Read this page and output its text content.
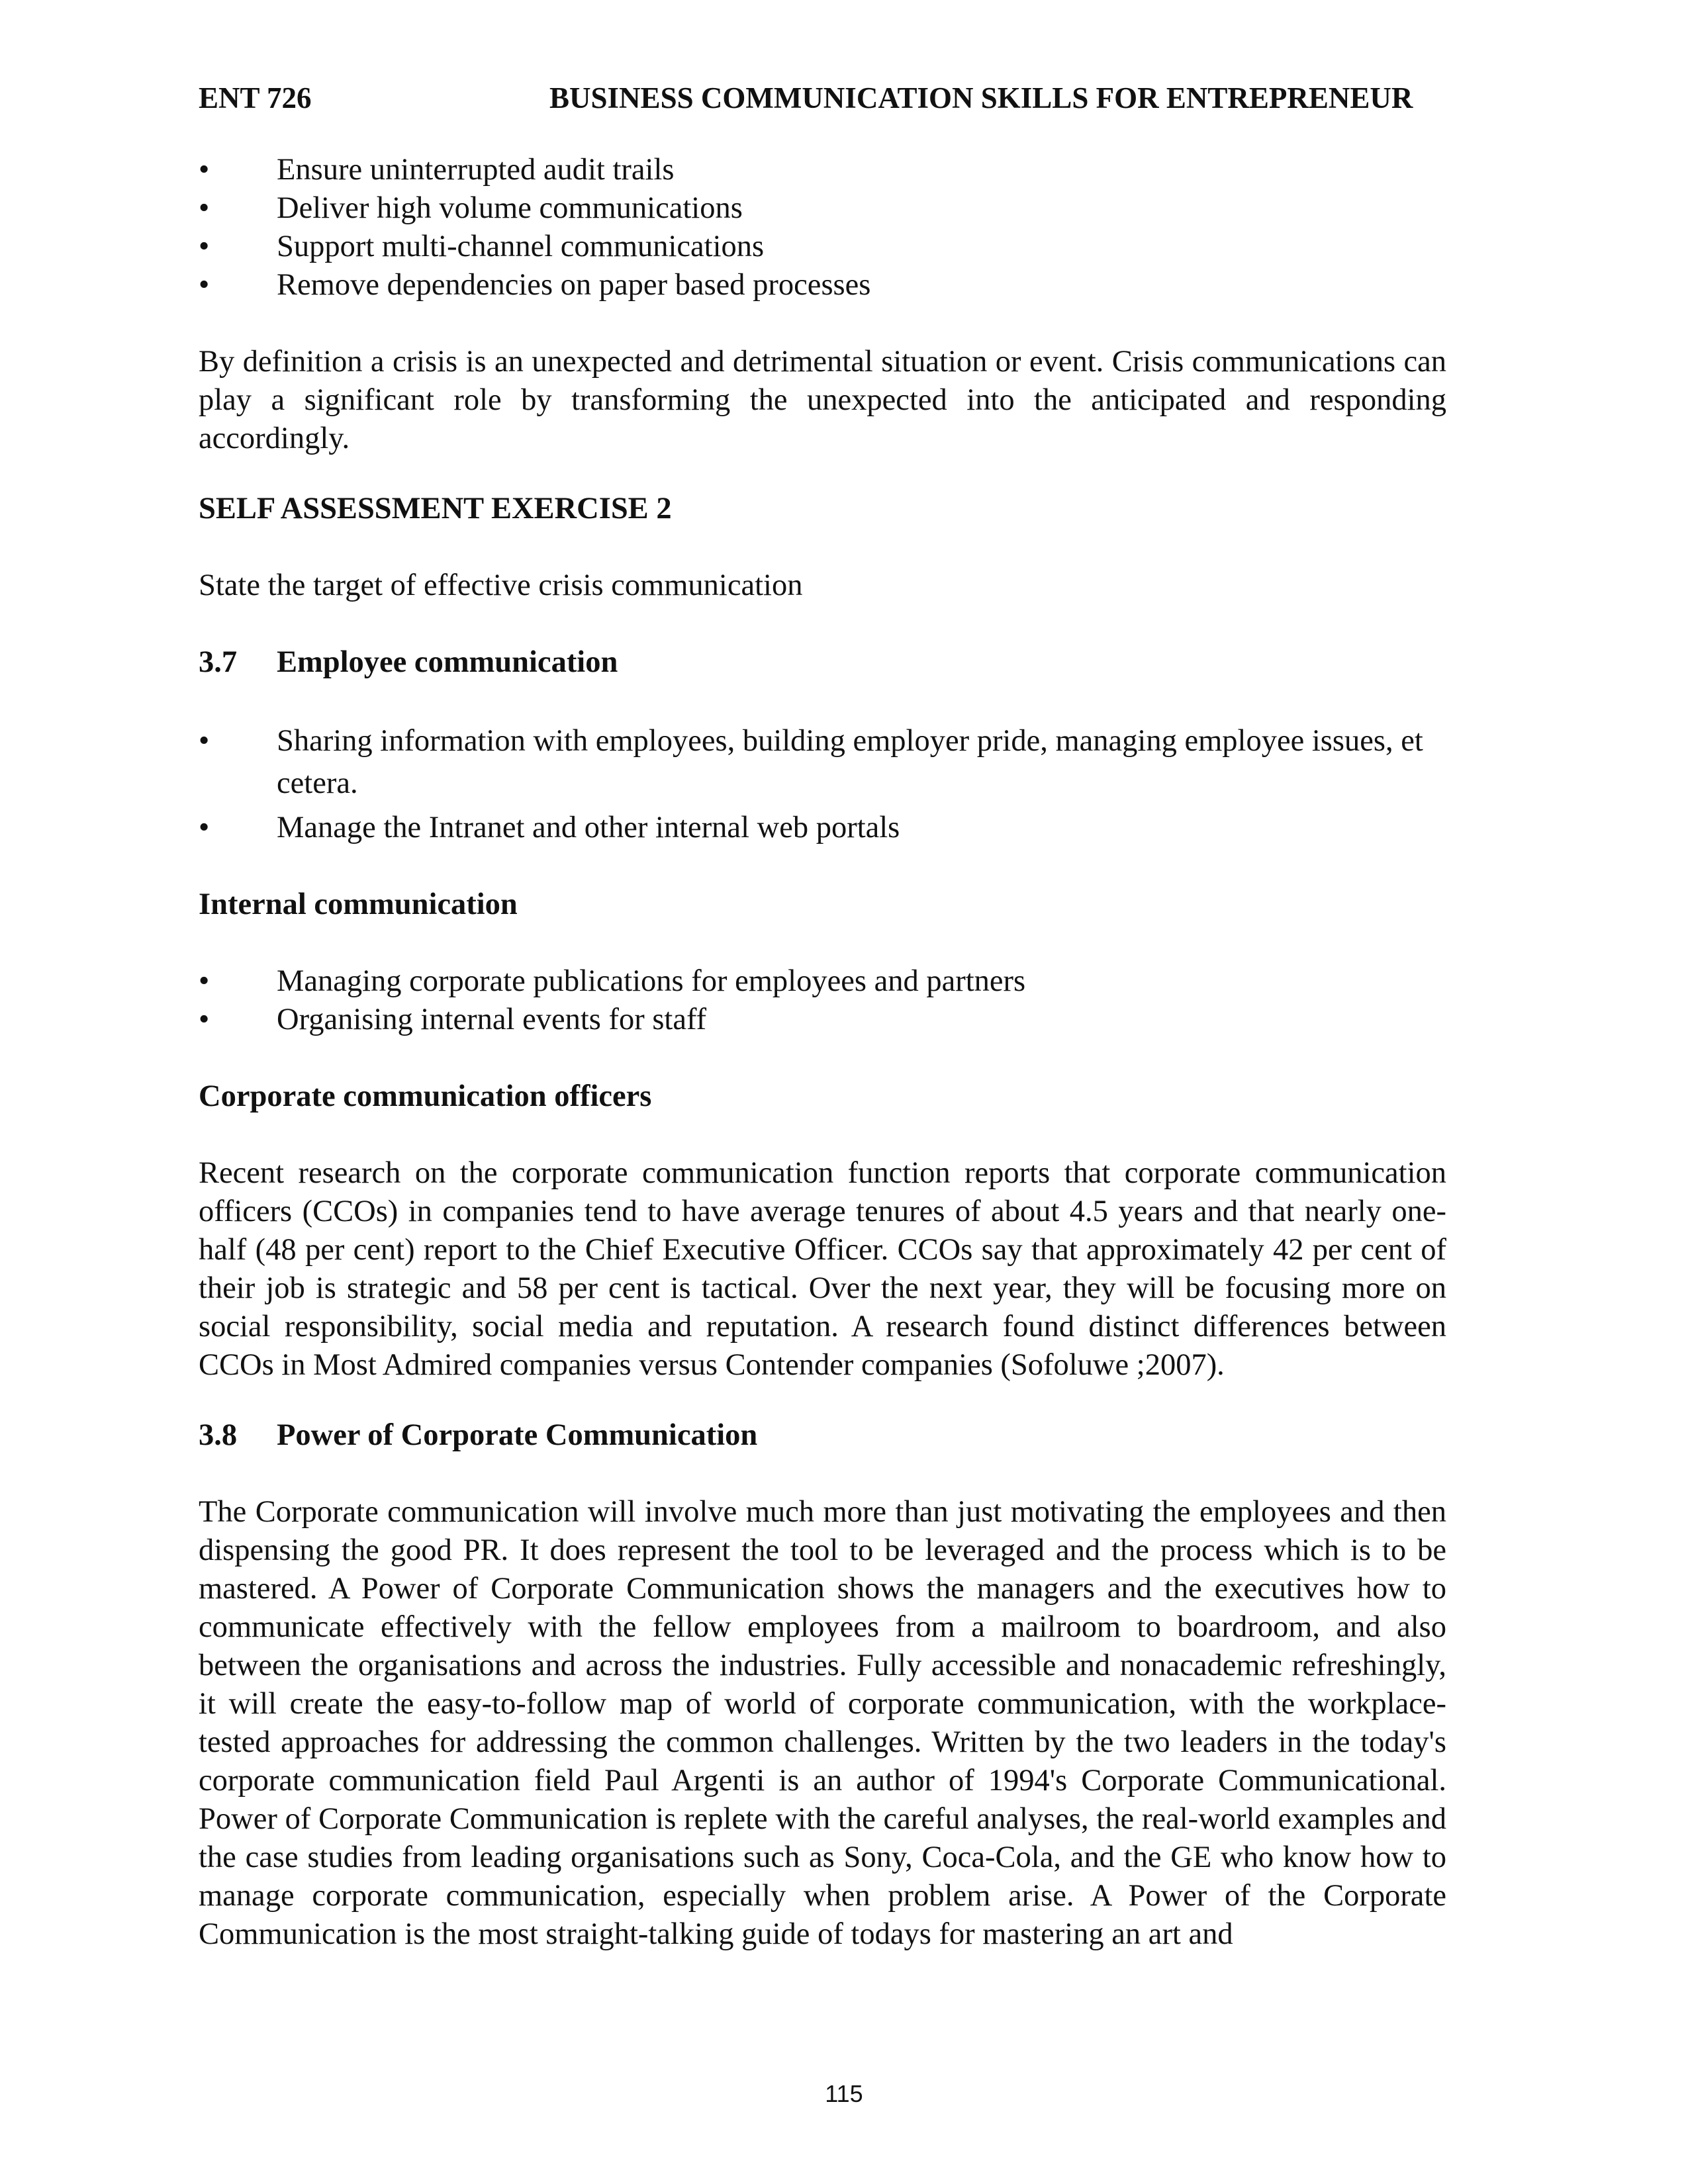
ENT 726	BUSINESS COMMUNICATION SKILLS FOR ENTREPRENEUR
• Ensure uninterrupted audit trails
• Deliver high volume communications
• Support multi-channel communications
• Remove dependencies on paper based processes

By definition a crisis is an unexpected and detrimental situation or event. Crisis communications can play a significant role by transforming the unexpected into the anticipated and responding accordingly.

SELF ASSESSMENT EXERCISE 2

State the target of effective crisis communication

3.7 Employee communication
• Sharing information with employees, building employer pride, managing employee issues, et cetera.
• Manage the Intranet and other internal web portals
Internal communication
• Managing corporate publications for employees and partners
• Organising internal events for staff
Corporate communication officers

Recent research on the corporate communication function reports that corporate communication officers (CCOs) in companies tend to have average tenures of about 4.5 years and that nearly one- half (48 per cent) report to the Chief Executive Officer. CCOs say that approximately 42 per cent of their job is strategic and 58 per cent is tactical. Over the next year, they will be focusing more on social responsibility, social media and reputation. A research found distinct differences between CCOs in Most Admired companies versus Contender companies (Sofoluwe ;2007).

3.8 Power of Corporate Communication

The Corporate communication will involve much more than just motivating the employees and then dispensing the good PR. It does represent the tool to be leveraged and the process which is to be mastered. A Power of Corporate Communication shows the managers and the executives how to communicate effectively with the fellow employees from a mailroom to boardroom, and also between the organisations and across the industries. Fully accessible and nonacademic refreshingly, it will create the easy-to-follow map of world of corporate communication, with the workplace-tested approaches for addressing the common challenges. Written by the two leaders in the today's corporate communication field Paul Argenti is an author of 1994's Corporate Communicational. Power of Corporate Communication is replete with the careful analyses, the real-world examples and the case studies from leading organisations such as Sony, Coca-Cola, and the GE who know how to manage corporate communication, especially when problem arise. A Power of the Corporate Communication is the most straight-talking guide of todays for mastering an art and

115
